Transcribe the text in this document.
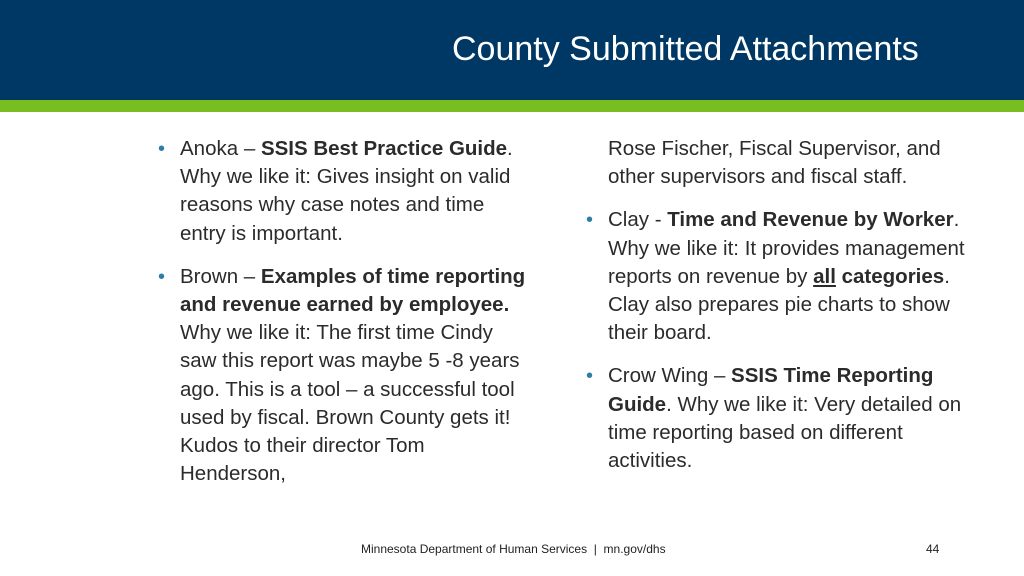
County Submitted Attachments
• Anoka – SSIS Best Practice Guide. Why we like it: Gives insight on valid reasons why case notes and time entry is important.
• Brown – Examples of time reporting and revenue earned by employee. Why we like it: The first time Cindy saw this report was maybe 5 -8 years ago. This is a tool – a successful tool used by fiscal. Brown County gets it! Kudos to their director Tom Henderson,
Rose Fischer, Fiscal Supervisor, and other supervisors and fiscal staff.
• Clay - Time and Revenue by Worker. Why we like it: It provides management reports on revenue by all categories. Clay also prepares pie charts to show their board.
• Crow Wing – SSIS Time Reporting Guide. Why we like it: Very detailed on time reporting based on different activities.
Minnesota Department of Human Services  |  mn.gov/dhs	44
